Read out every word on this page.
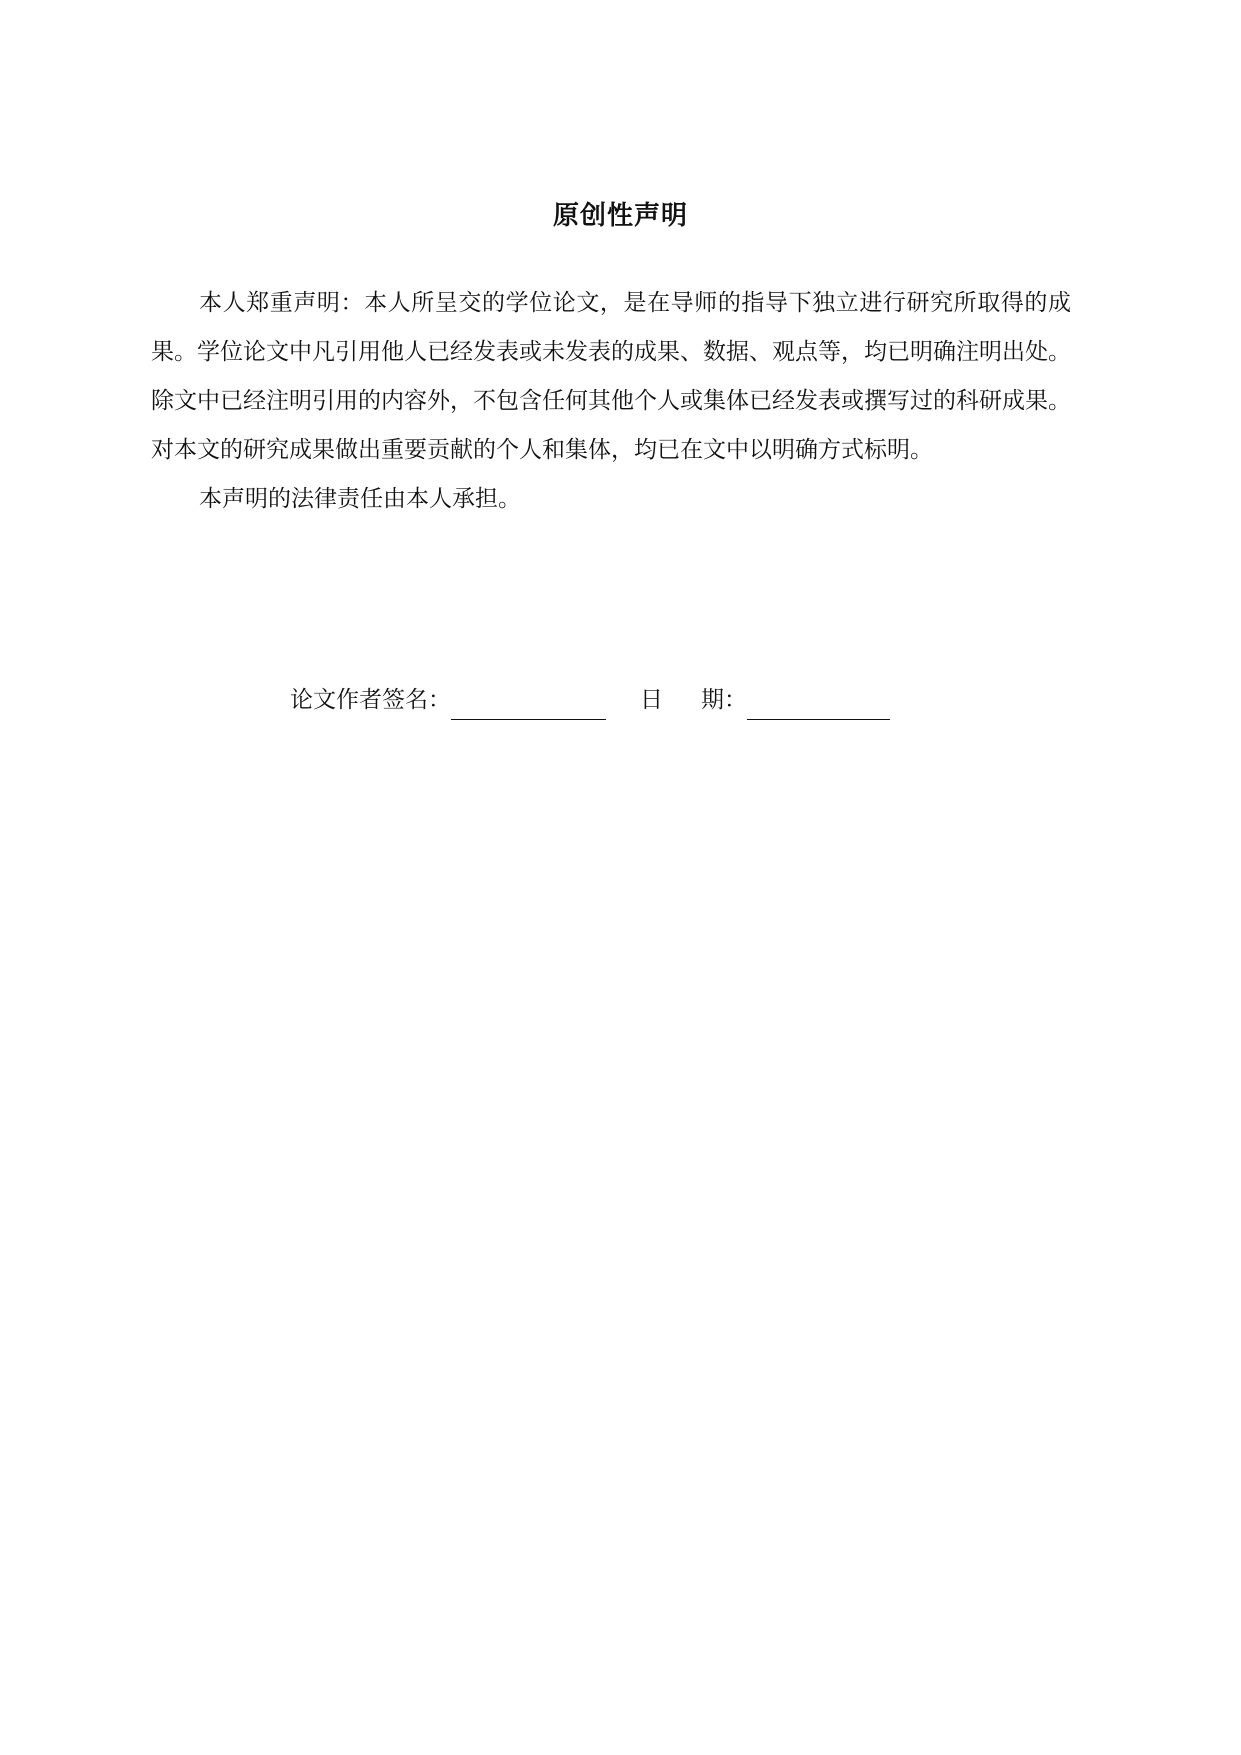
原创性声明

本人郑重声明：本人所呈交的学位论文，是在导师的指导下独立进行研究所取得的成果。学位论文中凡引用他人已经发表或未发表的成果、数据、观点等，均已明确注明出处。除文中已经注明引用的内容外，不包含任何其他个人或集体已经发表或撰写过的科研成果。对本文的研究成果做出重要贡献的个人和集体，均已在文中以明确方式标明。

本声明的法律责任由本人承担。

论文作者签名：	日 期：
